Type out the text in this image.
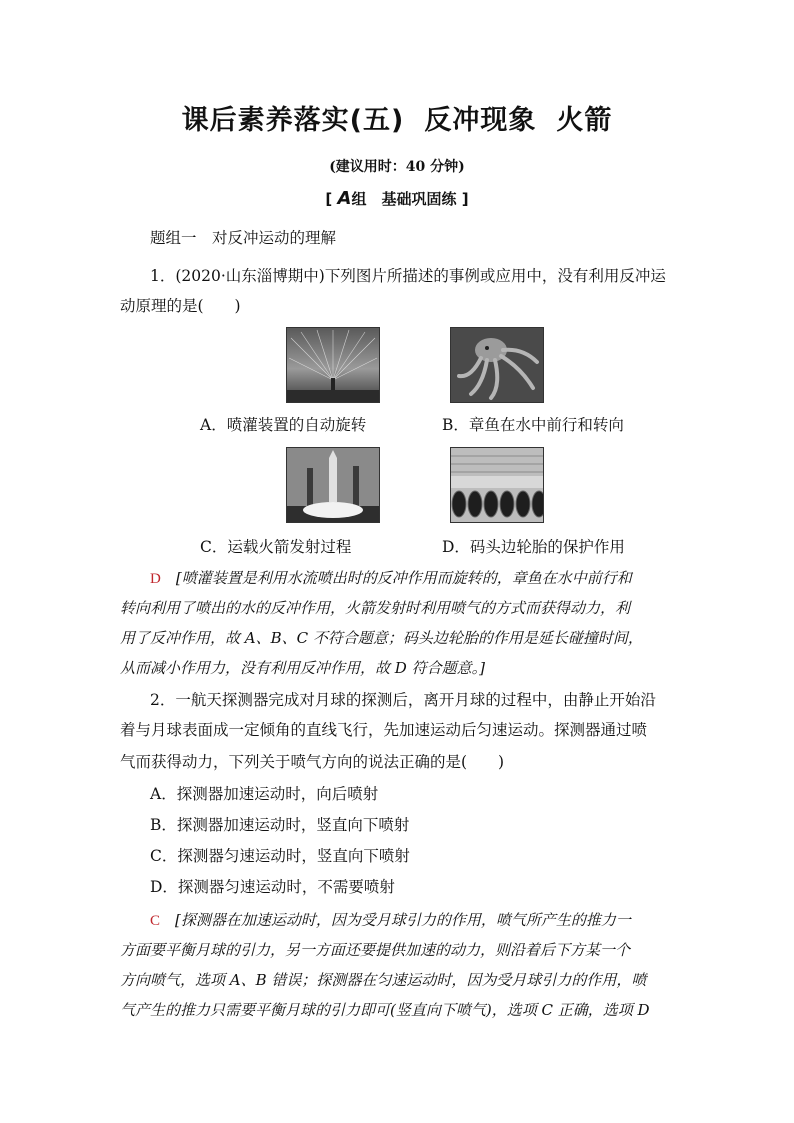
课后素养落实(五) 反冲现象 火箭
(建议用时：40 分钟)
[ A组　基础巩固练 ]
题组一　对反冲运动的理解
1．(2020·山东淄博期中)下列图片所描述的事例或应用中，没有利用反冲运
动原理的是(　　)
A．喷灌装置的自动旋转	B．章鱼在水中前行和转向
C．运载火箭发射过程	D．码头边轮胎的保护作用
D　 [喷灌装置是利用水流喷出时的反冲作用而旋转的，章鱼在水中前行和
转向利用了喷出的水的反冲作用，火箭发射时利用喷气的方式而获得动力，利
用了反冲作用，故 A、B、C 不符合题意；码头边轮胎的作用是延长碰撞时间，
从而减小作用力，没有利用反冲作用，故 D 符合题意。]
2．一航天探测器完成对月球的探测后，离开月球的过程中，由静止开始沿
着与月球表面成一定倾角的直线飞行，先加速运动后匀速运动。探测器通过喷
气而获得动力，下列关于喷气方向的说法正确的是(　　)
A．探测器加速运动时，向后喷射
B．探测器加速运动时，竖直向下喷射
C．探测器匀速运动时，竖直向下喷射
D．探测器匀速运动时，不需要喷射
C　 [探测器在加速运动时，因为受月球引力的作用，喷气所产生的推力一
方面要平衡月球的引力，另一方面还要提供加速的动力，则沿着后下方某一个
方向喷气，选项 A、B 错误；探测器在匀速运动时，因为受月球引力的作用，喷
气产生的推力只需要平衡月球的引力即可(竖直向下喷气)，选项 C 正确，选项 D
